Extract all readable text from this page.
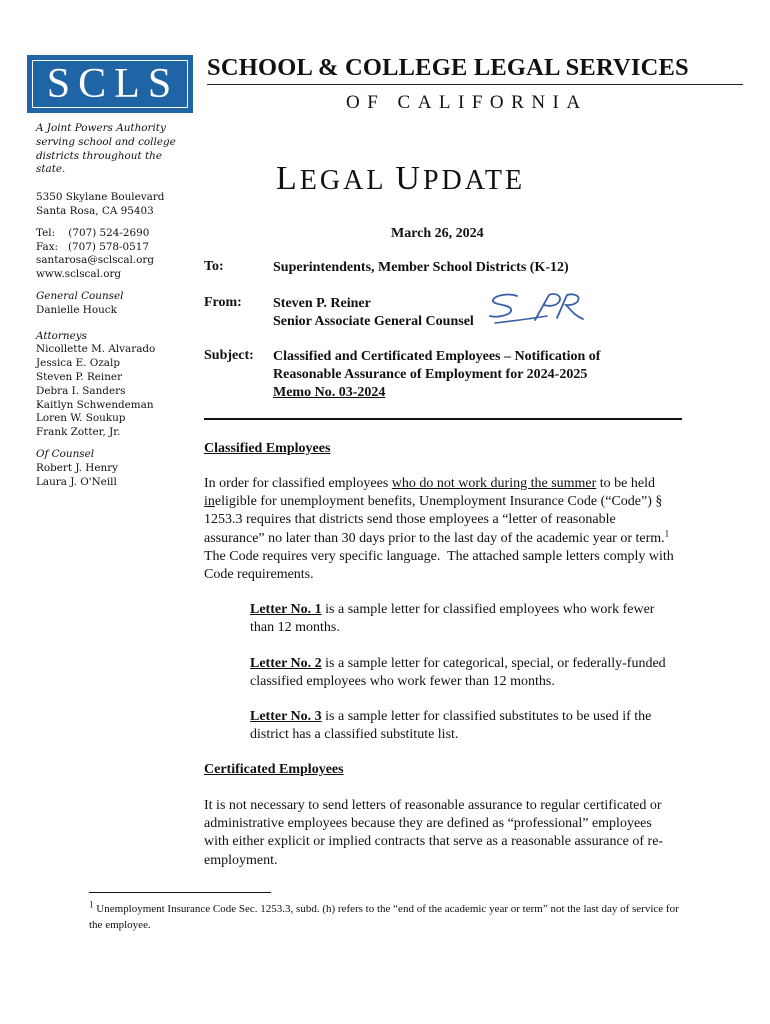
SCLS SCHOOL & COLLEGE LEGAL SERVICES
OF CALIFORNIA
A Joint Powers Authority
serving school and college
districts throughout the
state.
5350 Skylane Boulevard
Santa Rosa, CA 95403
Tel:    (707) 524-2690
Fax:   (707) 578-0517
santarosa@sclscal.org
www.sclscal.org
General Counsel
Danielle Houck
Attorneys
Nicollette M. Alvarado
Jessica E. Ozalp
Steven P. Reiner
Debra I. Sanders
Kaitlyn Schwendeman
Loren W. Soukup
Frank Zotter, Jr.
Of Counsel
Robert J. Henry
Laura J. O'Neill
LEGAL UPDATE
March 26, 2024
To:	Superintendents, Member School Districts (K-12)
From: Steven P. Reiner
Senior Associate General Counsel
Subject: Classified and Certificated Employees – Notification of
Reasonable Assurance of Employment for 2024-2025
Memo No. 03-2024
Classified Employees
In order for classified employees who do not work during the summer to be held ineligible for unemployment benefits, Unemployment Insurance Code (“Code”) § 1253.3 requires that districts send those employees a “letter of reasonable assurance” no later than 30 days prior to the last day of the academic year or term.$^1$  The Code requires very specific language.  The attached sample letters comply with Code requirements.
Letter No. 1 is a sample letter for classified employees who work fewer than 12 months.
Letter No. 2 is a sample letter for categorical, special, or federally-funded classified employees who work fewer than 12 months.
Letter No. 3 is a sample letter for classified substitutes to be used if the district has a classified substitute list.
Certificated Employees
It is not necessary to send letters of reasonable assurance to regular certificated or administrative employees because they are defined as “professional” employees with either explicit or implied contracts that serve as a reasonable assurance of re-employment.
$^1$ Unemployment Insurance Code Sec. 1253.3, subd. (h) refers to the “end of the academic year or term” not the last day of service for the employee.
